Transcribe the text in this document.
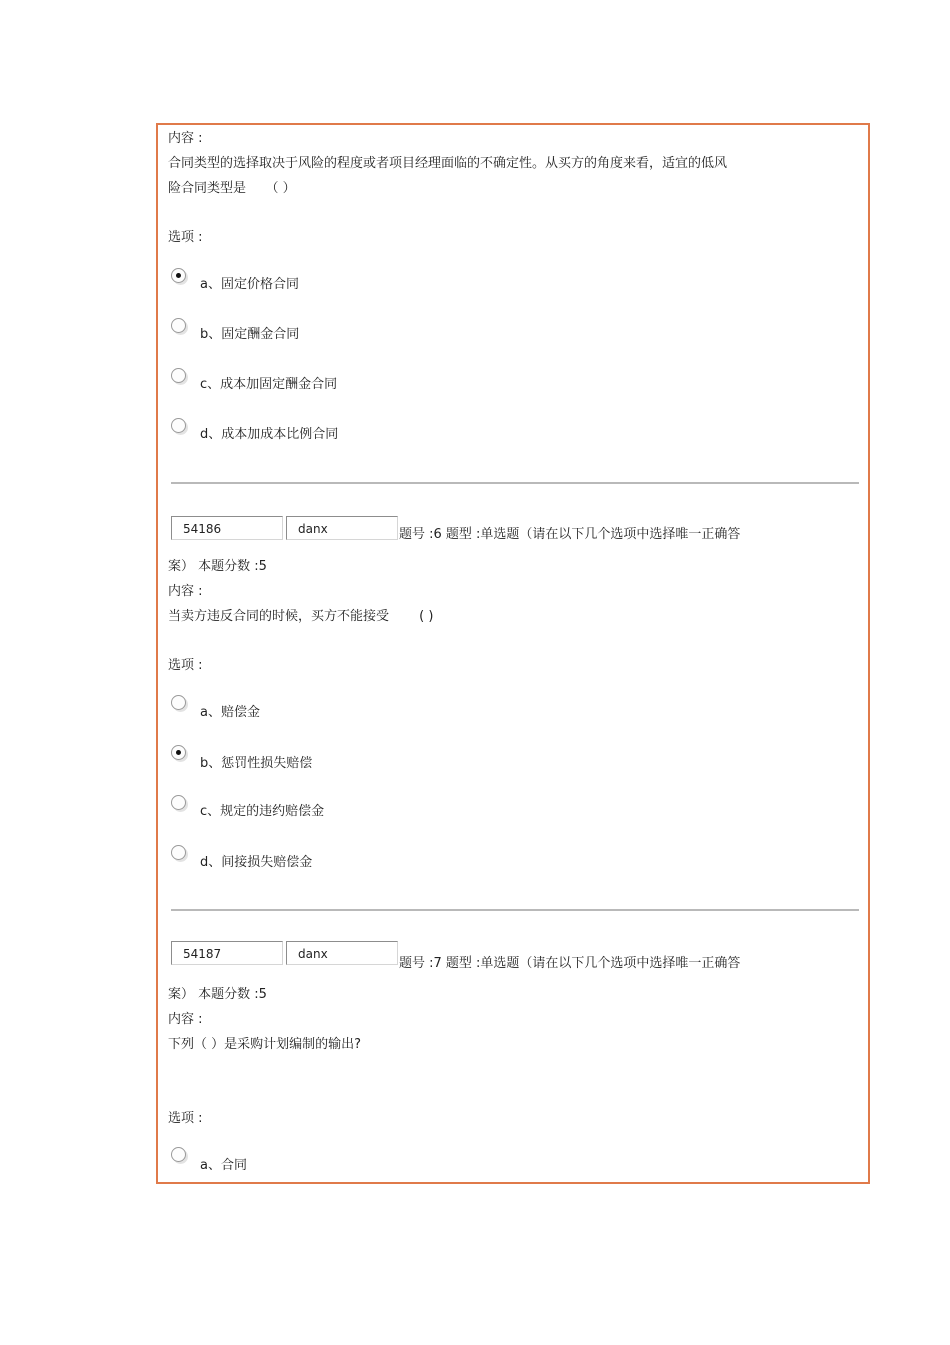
内容 :
合同类型的选择取决于风险的程度或者项目经理面临的不确定性。从买方的角度来看，适宜的低风
险合同类型是　　（ ）
选项 :
a、固定价格合同
b、固定酬金合同
c、成本加固定酬金合同
d、成本加成本比例合同
54186	danx	题号 :6 题型 :单选题（请在以下几个选项中选择唯一正确答
案） 本题分数 :5
内容 :
当卖方违反合同的时候，买方不能接受　　 ( )
选项 :
a、赔偿金
b、惩罚性损失赔偿
c、规定的违约赔偿金
d、间接损失赔偿金
54187	danx
题号 :7 题型 :单选题（请在以下几个选项中选择唯一正确答
案） 本题分数 :5
内容 :
下列（ ）是采购计划编制的输出?
选项 :
a、合同
